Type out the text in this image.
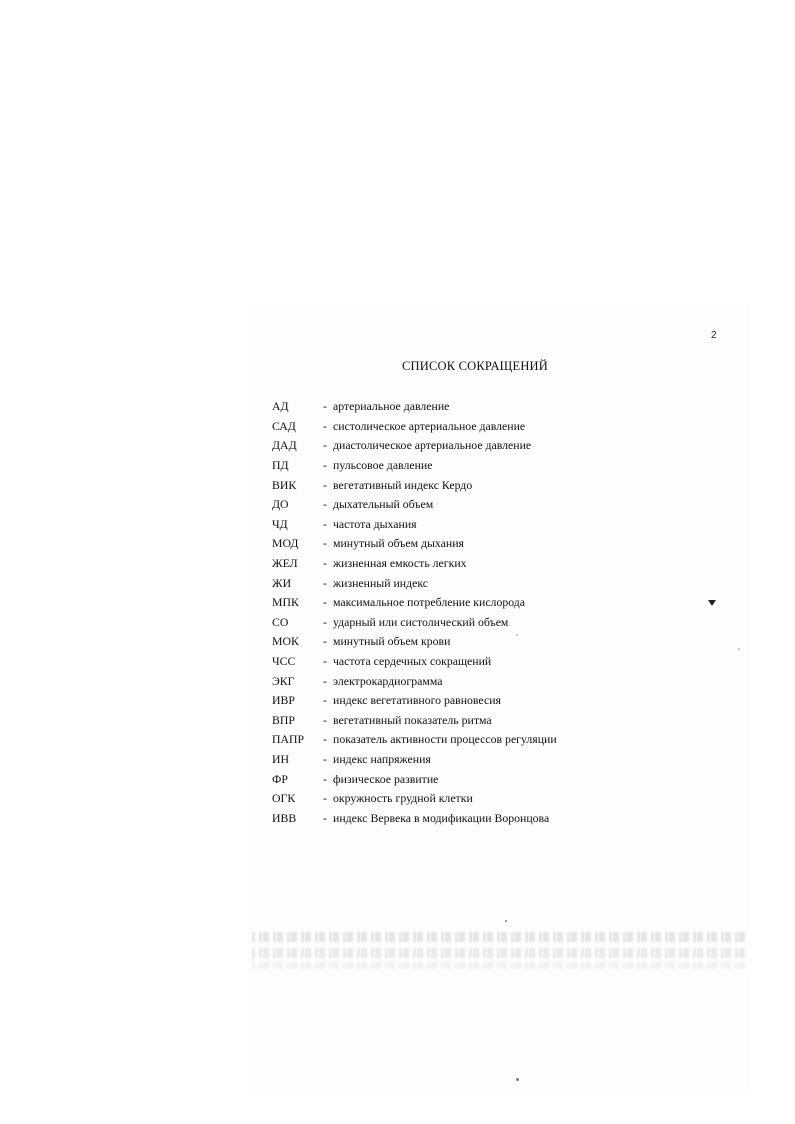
2
СПИСОК СОКРАЩЕНИЙ
АД	- артериальное давление
САД	- систолическое артериальное давление
ДАД	- диастолическое артериальное давление
ПД	- пульсовое давление
ВИК	- вегетативный индекс Кердо
ДО	- дыхательный объем
ЧД	- частота дыхания
МОД	- минутный объем дыхания
ЖЕЛ	- жизненная емкость легких
ЖИ	- жизненный индекс
МПК	- максимальное потребление кислорода
СО	- ударный или систолический объем
МОК	- минутный объем крови
ЧСС	- частота сердечных сокращений
ЭКГ	- электрокардиограмма
ИВР	- индекс вегетативного равновесия
ВПР	- вегетативный показатель ритма
ПАПР	- показатель активности процессов регуляции
ИН	- индекс напряжения
ФР	- физическое развитие
ОГК	- окружность грудной клетки
ИВВ	- индекс Вервека в модификации Воронцова
